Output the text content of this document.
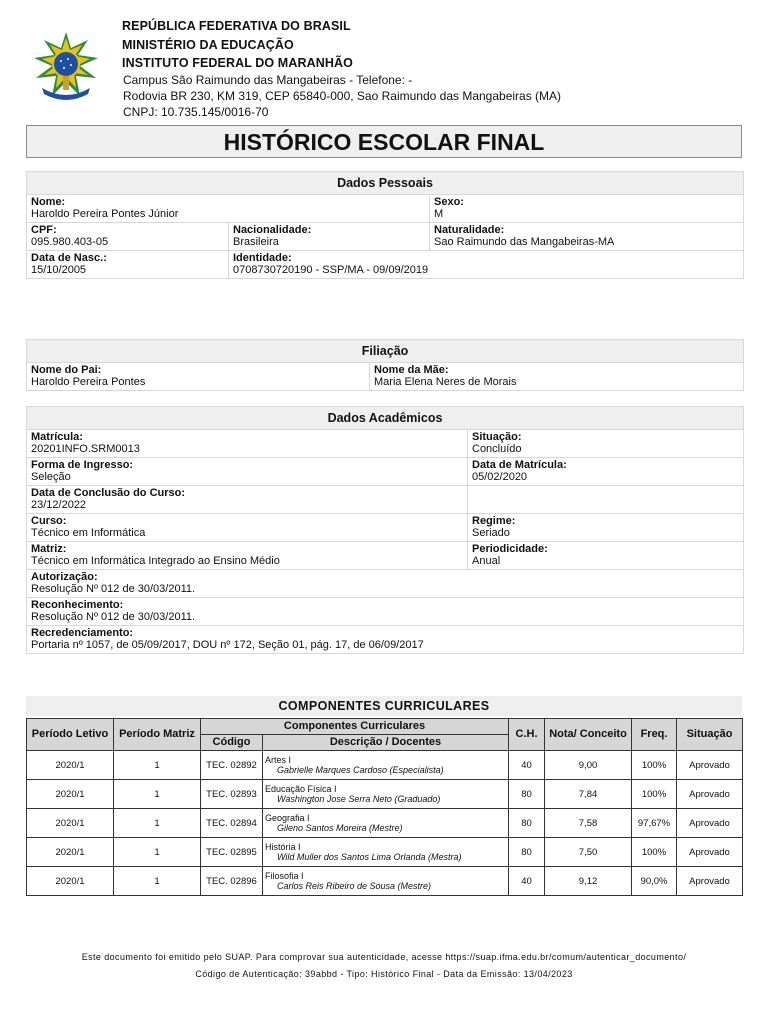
REPÚBLICA FEDERATIVA DO BRASIL
MINISTÉRIO DA EDUCAÇÃO
INSTITUTO FEDERAL DO MARANHÃO
Campus São Raimundo das Mangabeiras - Telefone: -
Rodovia BR 230, KM 319, CEP 65840-000, Sao Raimundo das Mangabeiras (MA)
CNPJ: 10.735.145/0016-70
HISTÓRICO ESCOLAR FINAL
Dados Pessoais		

Nome:
Haroldo Pereira Pontes Júnior		Sexo:
M

CPF:
095.980.403-05	Nacionalidade:
Brasileira	Naturalidade:
Sao Raimundo das Mangabeiras-MA

Data de Nasc.:
15/10/2005	Identidade:
0708730720190 - SSP/MA - 09/09/2019	
Filiação

Nome do Pai:
Haroldo Pereira Pontes

Nome da Mãe:
Maria Elena Neres de Morais
Dados Acadêmicos	

Matrícula:
20201INFO.SRM0013	Situação:
Concluído

Forma de Ingresso:
Seleção	Data de Matrícula:
05/02/2020

Data de Conclusão do Curso:
23/12/2022	

Curso:
Técnico em Informática	Regime:
Seriado

Matriz:
Técnico em Informática Integrado ao Ensino Médio	Periodicidade:
Anual

Autorização:
Resolução Nº 012 de 30/03/2011.	

Reconhecimento:
Resolução Nº 012 de 30/03/2011.	

Recredenciamento:
Portaria nº 1057, de 05/09/2017, DOU nº 172, Seção 01, pág. 17, de 06/09/2017	
COMPONENTES CURRICULARES
Período Letivo	Período Matriz	Componentes Curriculares		C.H.	Nota/ Conceito	Freq.	Situação
		Código	Descrição / Docentes				
2020/1	1	TEC. 02892	Artes I
Gabrielle Marques Cardoso (Especialista)	40	9,00	100%	Aprovado
2020/1	1	TEC. 02893	Educação Física I
Washington Jose Serra Neto (Graduado)	80	7,84	100%	Aprovado
2020/1	1	TEC. 02894	Geografia I
Gileno Santos Moreira (Mestre)	80	7,58	97,67%	Aprovado
2020/1	1	TEC. 02895	História I
Wild Muller dos Santos Lima Orlanda (Mestra)	80	7,50	100%	Aprovado
2020/1	1	TEC. 02896	Filosofia I
Carlos Reis Ribeiro de Sousa (Mestre)	40	9,12	90,0%	Aprovado
Este documento foi emitido pelo SUAP. Para comprovar sua autenticidade, acesse https://suap.ifma.edu.br/comum/autenticar_documento/
Código de Autenticação: 39abbd - Tipo: Histórico Final - Data da Emissão: 13/04/2023
